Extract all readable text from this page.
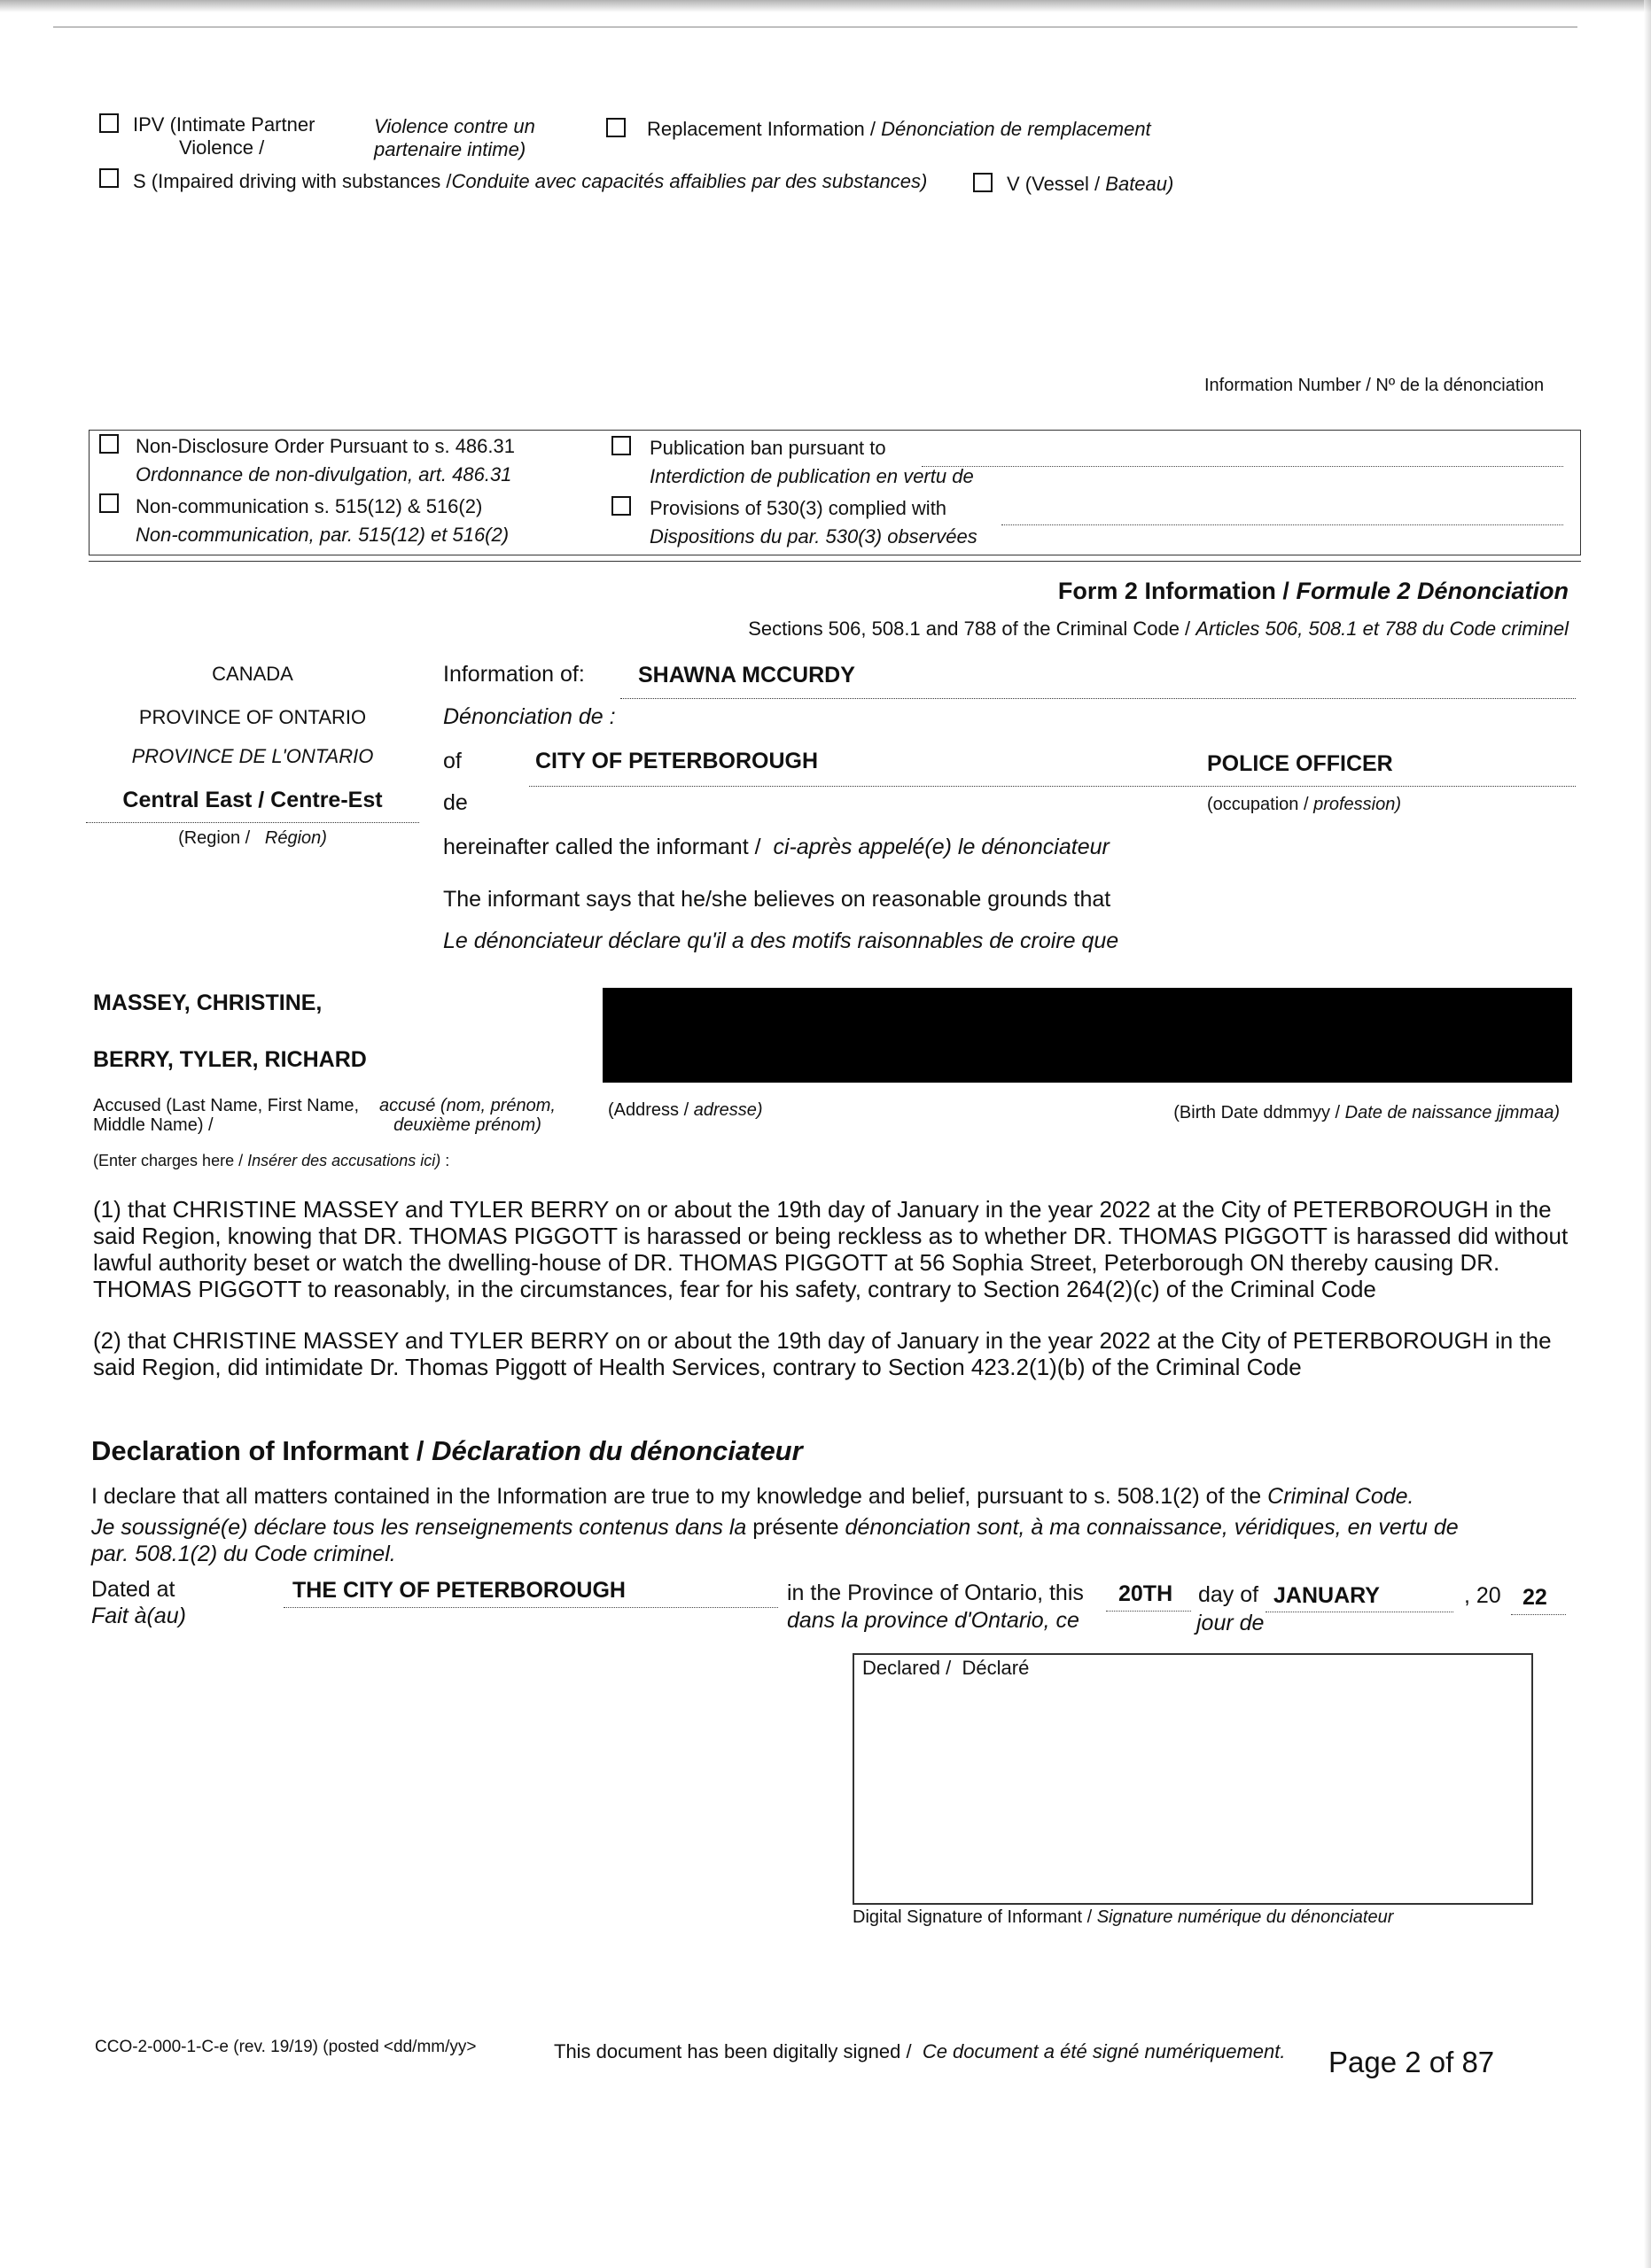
IPV (Intimate Partner
Violence /
Violence contre un
partenaire intime)
Replacement Information / Dénonciation de remplacement
S (Impaired driving with substances /Conduite avec capacités affaiblies par des substances)	V (Vessel / Bateau)
Information Number / Nº de la dénonciation
Non-Disclosure Order Pursuant to s. 486.31
Ordonnance de non-divulgation, art. 486.31
Non-communication s. 515(12) & 516(2)
Non-communication, par. 515(12) et 516(2)
Publication ban pursuant to
Interdiction de publication en vertu de
Provisions of 530(3) complied with
Dispositions du par. 530(3) observées
Form 2 Information / Formule 2 Dénonciation
Sections 506, 508.1 and 788 of the Criminal Code / Articles 506, 508.1 et 788 du Code criminel
CANADA
PROVINCE OF ONTARIO
PROVINCE DE L'ONTARIO
Central East / Centre-Est
(Region / Région)
Information of: SHAWNA MCCURDY
Dénonciation de :
of	CITY OF PETERBOROUGH	POLICE OFFICER
de	(occupation / profession)
hereinafter called the informant / ci-après appelé(e) le dénonciateur
The informant says that he/she believes on reasonable grounds that
Le dénonciateur déclare qu'il a des motifs raisonnables de croire que
MASSEY, CHRISTINE,
BERRY, TYLER, RICHARD
Accused (Last Name, First Name,
Middle Name) /
accusé (nom, prénom,
deuxième prénom)
(Address / adresse)	(Birth Date ddmmyy / Date de naissance jjmmaa)
(Enter charges here / Insérer des accusations ici) :
(1) that CHRISTINE MASSEY and TYLER BERRY on or about the 19th day of January in the year 2022 at the City of PETERBOROUGH in the said Region, knowing that DR. THOMAS PIGGOTT is harassed or being reckless as to whether DR. THOMAS PIGGOTT is harassed did without lawful authority beset or watch the dwelling-house of DR. THOMAS PIGGOTT at 56 Sophia Street, Peterborough ON thereby causing DR. THOMAS PIGGOTT to reasonably, in the circumstances, fear for his safety, contrary to Section 264(2)(c) of the Criminal Code
(2) that CHRISTINE MASSEY and TYLER BERRY on or about the 19th day of January in the year 2022 at the City of PETERBOROUGH in the said Region, did intimidate Dr. Thomas Piggott of Health Services, contrary to Section 423.2(1)(b) of the Criminal Code
Declaration of Informant / Déclaration du dénonciateur
I declare that all matters contained in the Information are true to my knowledge and belief, pursuant to s. 508.1(2) of the Criminal Code.
Je soussigné(e) déclare tous les renseignements contenus dans la présente dénonciation sont, à ma connaissance, véridiques, en vertu de
par. 508.1(2) du Code criminel.
Dated at
Fait à(au)
THE CITY OF PETERBOROUGH	in the Province of Ontario, this
dans la province d'Ontario, ce
20TH day of
jour de
JANUARY	, 20 22
Declared / Déclaré
Digital Signature of Informant / Signature numérique du dénonciateur
CCO-2-000-1-C-e (rev. 19/19) (posted <dd/mm/yy>	This document has been digitally signed / Ce document a été signé numériquement. Page 2 of 87
